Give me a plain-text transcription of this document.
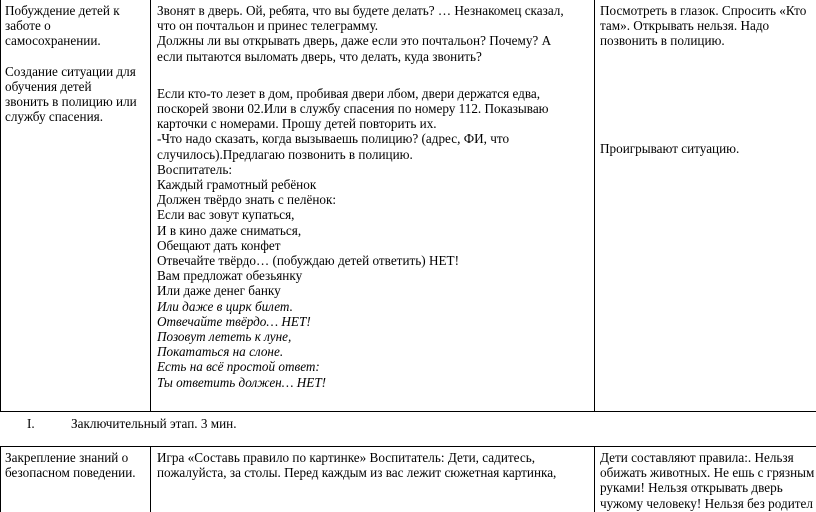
Побуждение детей к

заботе о

самосохранении.

Создание ситуации для

обучения детей

звонить в полицию или

службу спасения.

Звонят в дверь. Ой, ребята, что вы будете делать? … Незнакомец сказал,

что он почтальон и принес телеграмму.

Должны ли вы открывать дверь, даже если это почтальон? Почему? А

если пытаются выломать дверь, что делать, куда звонить?

Если кто-то лезет в дом, пробивая двери лбом, двери держатся едва,

поскорей звони 02.Или в службу спасения по номеру 112. Показываю

карточки с номерами. Прошу детей повторить их.

-Что надо сказать, когда вызываешь полицию? (адрес, ФИ, что

случилось).Предлагаю позвонить в полицию.

Воспитатель:

Каждый грамотный ребёнок

Должен твёрдо знать с пелёнок:

Если вас зовут купаться,

И в кино даже сниматься,

Обещают дать конфет

Отвечайте твёрдо… (побуждаю детей ответить) НЕТ!

Вам предложат обезьянку

Или даже денег банку

Или даже в цирк билет.

Отвечайте твёрдо… НЕТ!

Позовут лететь к луне,

Покататься на слоне.

Есть на всё простой ответ:

Ты ответить должен… НЕТ!

Посмотреть в глазок. Спросить «Кто

там». Открывать нельзя. Надо

позвонить в полицию.

Проигрывают ситуацию.

I.	Заключительный этап. 3 мин.

Закрепление знаний о

безопасном поведении.

Игра «Составь правило по картинке» Воспитатель: Дети, садитесь,

пожалуйста, за столы. Перед каждым из вас лежит сюжетная картинка,

Дети составляют правила:. Нельзя

обижать животных. Не ешь с грязным

руками! Нельзя открывать дверь

чужому человеку! Нельзя без родител
